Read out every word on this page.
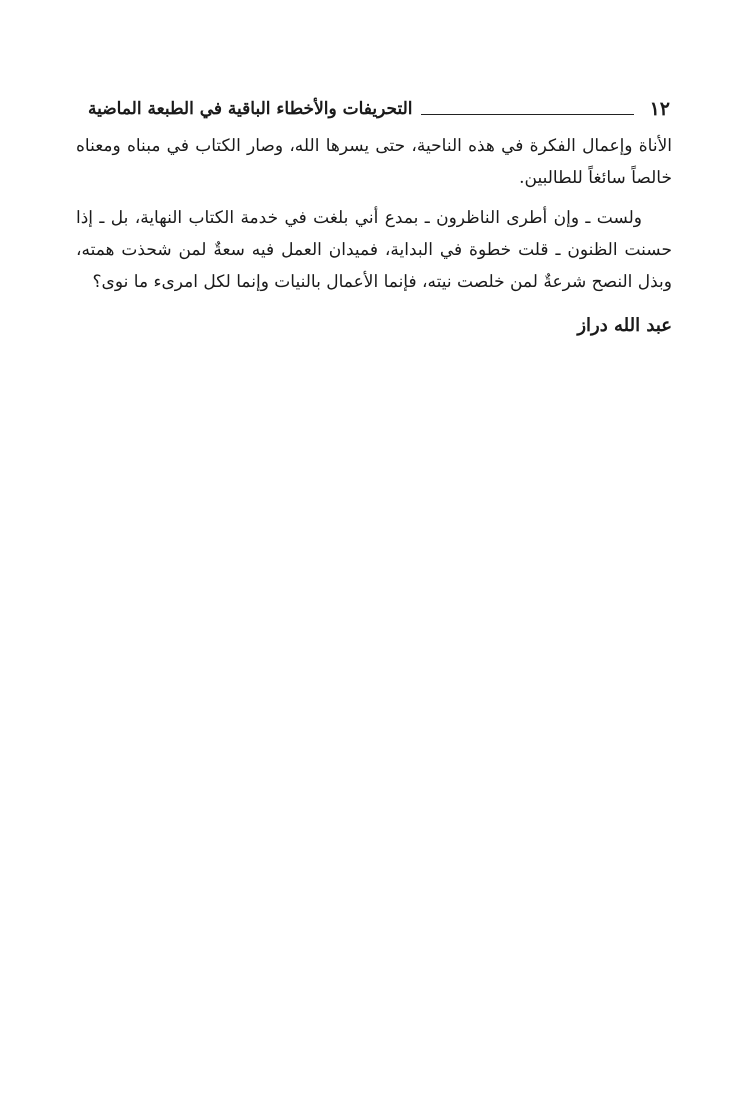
١٢
التحريفات والأخطاء الباقية في الطبعة الماضية

الأناة وإعمال الفكرة في هذه الناحية، حتى يسرها الله، وصار الكتاب في مبناه ومعناه خالصاً سائغاً للطالبين.

ولست ـ وإن أطرى الناظرون ـ بمدع أني بلغت في خدمة الكتاب النهاية، بل ـ إذا حسنت الظنون ـ قلت خطوة في البداية، فميدان العمل فيه سعةٌ لمن شحذت همته، وبذل النصح شرعةٌ لمن خلصت نيته، فإنما الأعمال بالنيات وإنما لكل امرىء ما نوى؟

عبد الله دراز
